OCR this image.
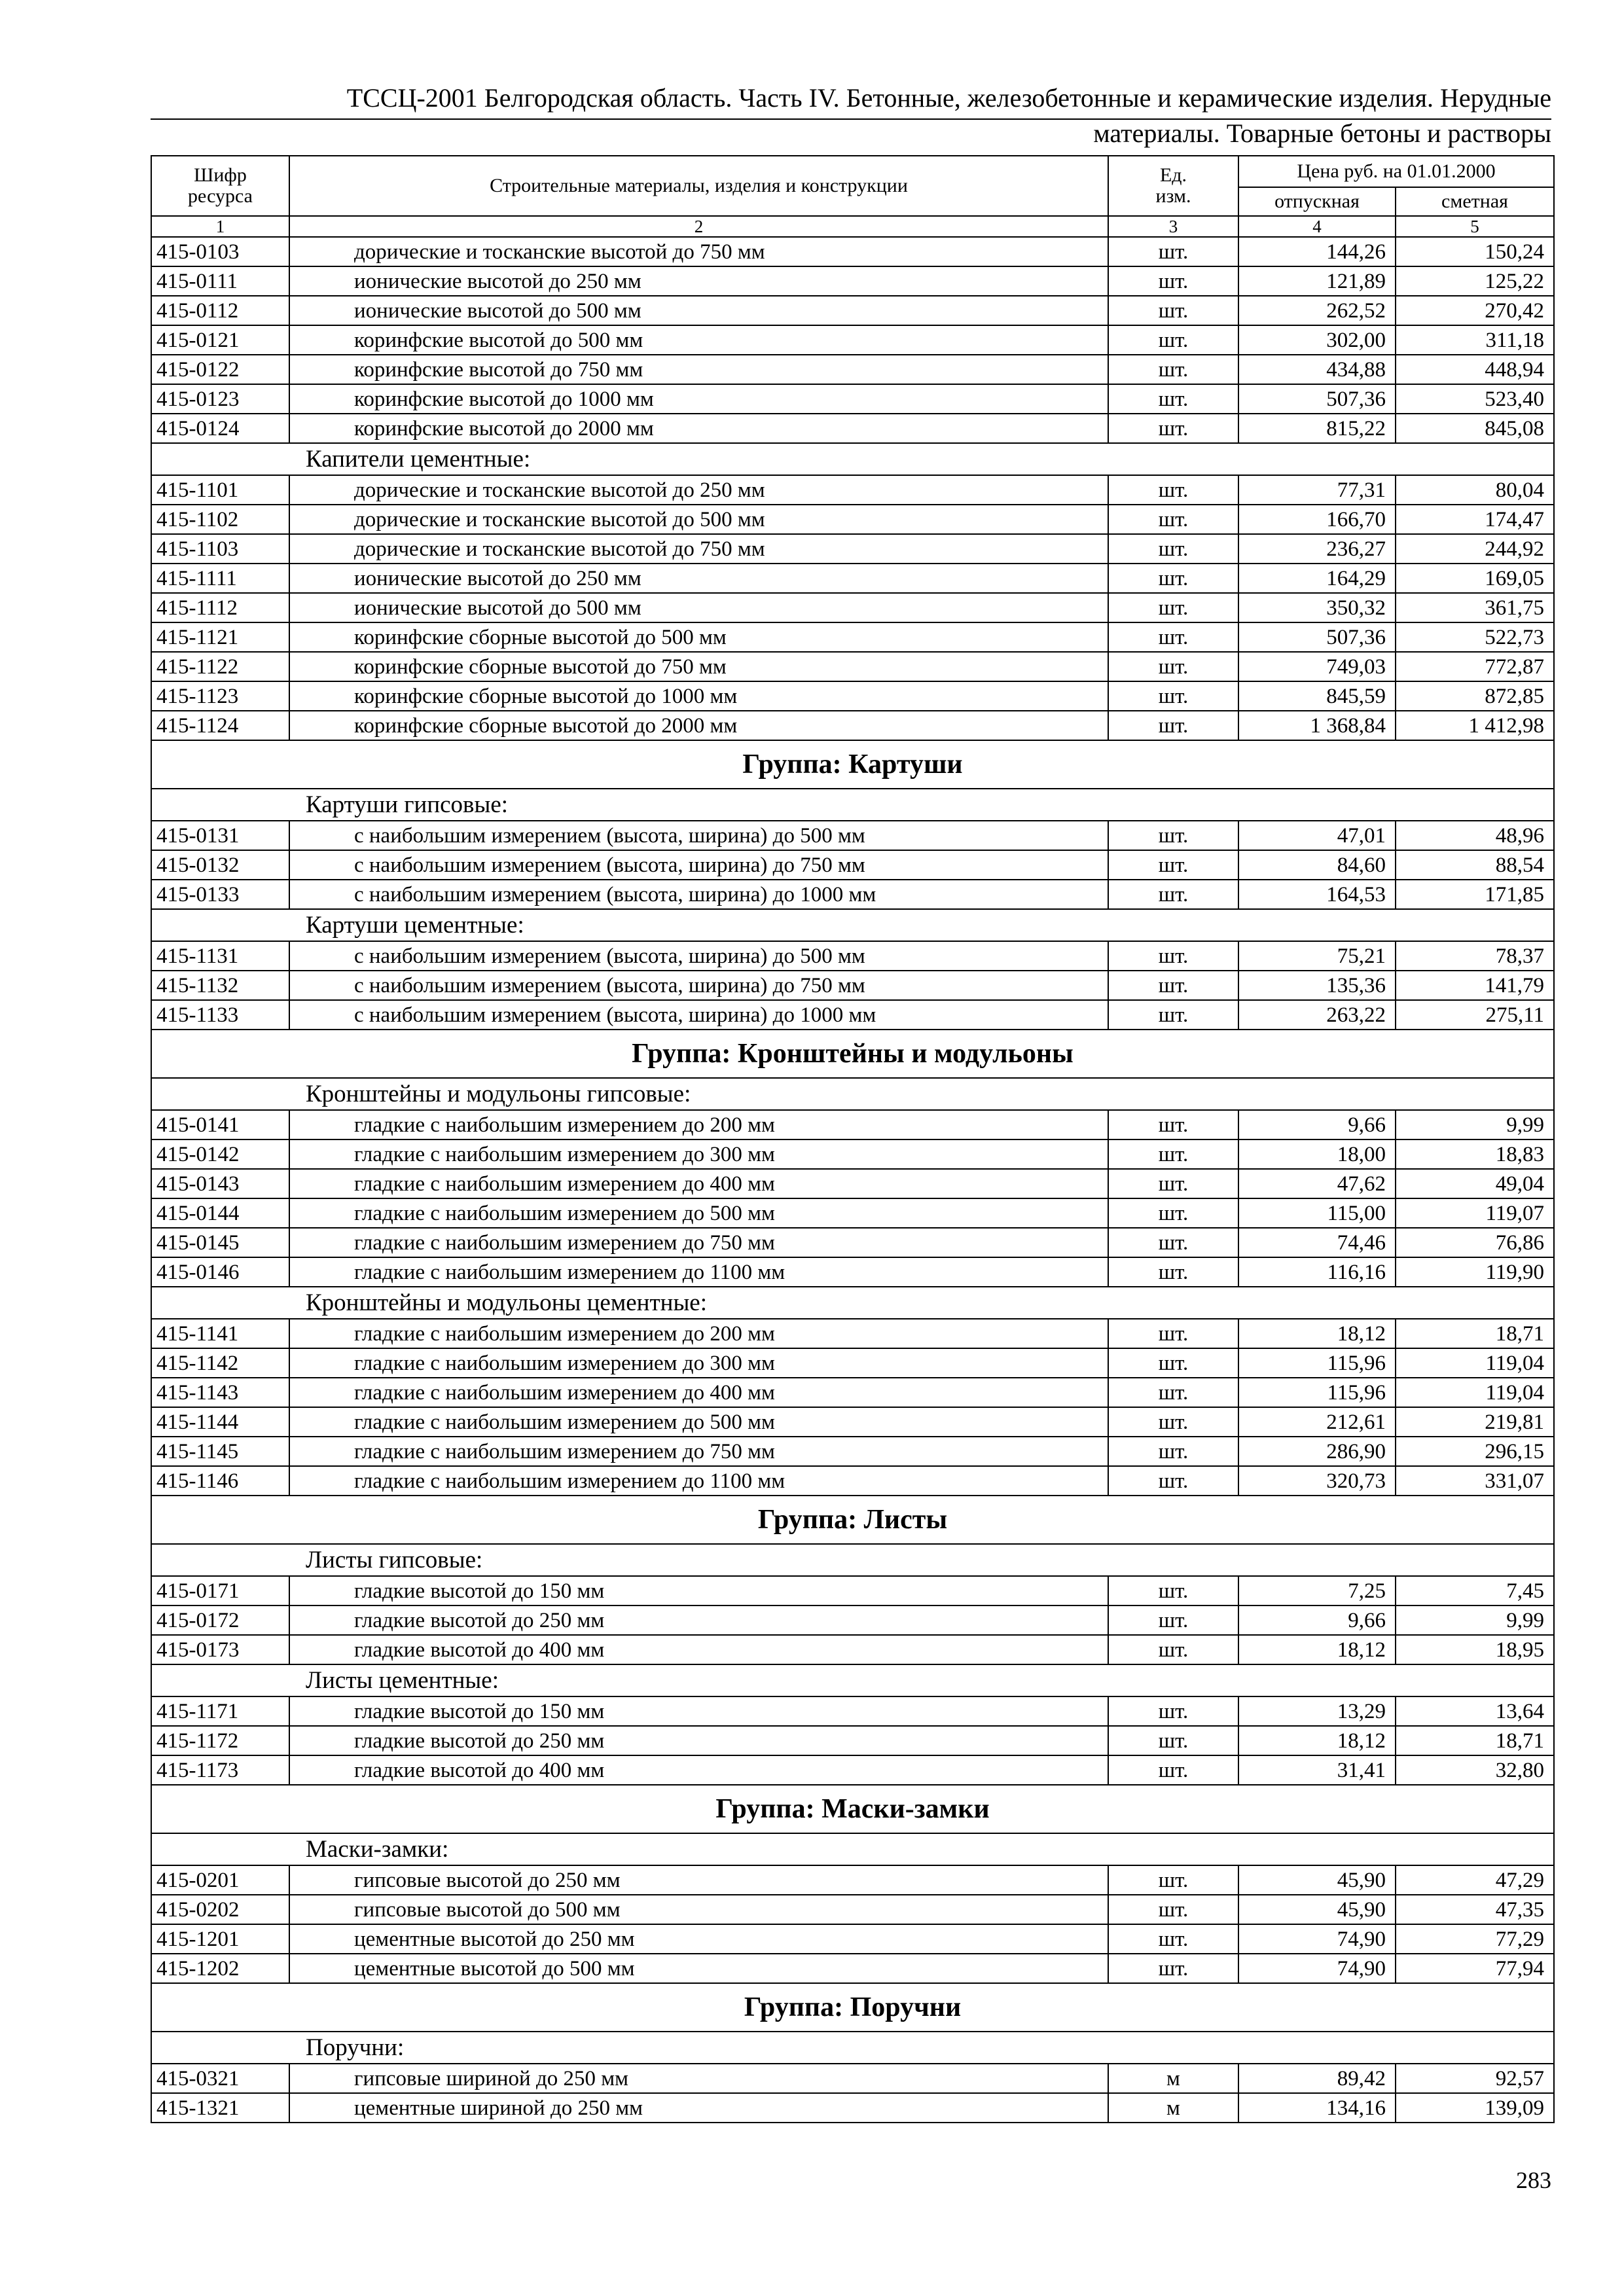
ТССЦ-2001 Белгородская область. Часть IV. Бетонные, железобетонные и керамические изделия. Нерудные
материалы. Товарные бетоны и растворы
Шифр ресурса	Строительные материалы, изделия и конструкции	Ед. изм.	Цена руб. на 01.01.2000	
			отпускная	сметная
1	2	3	4	5
415-0103	дорические и тосканские высотой до 750 мм	шт.	144,26	150,24
415-0111	ионические высотой до 250 мм	шт.	121,89	125,22
415-0112	ионические высотой до 500 мм	шт.	262,52	270,42
415-0121	коринфские высотой до 500 мм	шт.	302,00	311,18
415-0122	коринфские высотой до 750 мм	шт.	434,88	448,94
415-0123	коринфские высотой до 1000 мм	шт.	507,36	523,40
415-0124	коринфские высотой до 2000 мм	шт.	815,22	845,08
Капители цементные:				
415-1101	дорические и тосканские высотой до 250 мм	шт.	77,31	80,04
415-1102	дорические и тосканские высотой до 500 мм	шт.	166,70	174,47
415-1103	дорические и тосканские высотой до 750 мм	шт.	236,27	244,92
415-1111	ионические высотой до 250 мм	шт.	164,29	169,05
415-1112	ионические высотой до 500 мм	шт.	350,32	361,75
415-1121	коринфские сборные высотой до 500 мм	шт.	507,36	522,73
415-1122	коринфские сборные высотой до 750 мм	шт.	749,03	772,87
415-1123	коринфские сборные высотой до 1000 мм	шт.	845,59	872,85
415-1124	коринфские сборные высотой до 2000 мм	шт.	1 368,84	1 412,98
Группа: Картуши				
Картуши гипсовые:				
415-0131	с наибольшим измерением (высота, ширина) до 500 мм	шт.	47,01	48,96
415-0132	с наибольшим измерением (высота, ширина) до 750 мм	шт.	84,60	88,54
415-0133	с наибольшим измерением (высота, ширина) до 1000 мм	шт.	164,53	171,85
Картуши цементные:				
415-1131	с наибольшим измерением (высота, ширина) до 500 мм	шт.	75,21	78,37
415-1132	с наибольшим измерением (высота, ширина) до 750 мм	шт.	135,36	141,79
415-1133	с наибольшим измерением (высота, ширина) до 1000 мм	шт.	263,22	275,11
Группа: Кронштейны и модульоны				
Кронштейны и модульоны гипсовые:				
415-0141	гладкие с наибольшим измерением до 200 мм	шт.	9,66	9,99
415-0142	гладкие с наибольшим измерением до 300 мм	шт.	18,00	18,83
415-0143	гладкие с наибольшим измерением до 400 мм	шт.	47,62	49,04
415-0144	гладкие с наибольшим измерением до 500 мм	шт.	115,00	119,07
415-0145	гладкие с наибольшим измерением до 750 мм	шт.	74,46	76,86
415-0146	гладкие с наибольшим измерением до 1100 мм	шт.	116,16	119,90
Кронштейны и модульоны цементные:				
415-1141	гладкие с наибольшим измерением до 200 мм	шт.	18,12	18,71
415-1142	гладкие с наибольшим измерением до 300 мм	шт.	115,96	119,04
415-1143	гладкие с наибольшим измерением до 400 мм	шт.	115,96	119,04
415-1144	гладкие с наибольшим измерением до 500 мм	шт.	212,61	219,81
415-1145	гладкие с наибольшим измерением до 750 мм	шт.	286,90	296,15
415-1146	гладкие с наибольшим измерением до 1100 мм	шт.	320,73	331,07
Группа: Листы				
Листы гипсовые:				
415-0171	гладкие высотой до 150 мм	шт.	7,25	7,45
415-0172	гладкие высотой до 250 мм	шт.	9,66	9,99
415-0173	гладкие высотой до 400 мм	шт.	18,12	18,95
Листы цементные:				
415-1171	гладкие высотой до 150 мм	шт.	13,29	13,64
415-1172	гладкие высотой до 250 мм	шт.	18,12	18,71
415-1173	гладкие высотой до 400 мм	шт.	31,41	32,80
Группа: Маски-замки				
Маски-замки:				
415-0201	гипсовые высотой до 250 мм	шт.	45,90	47,29
415-0202	гипсовые высотой до 500 мм	шт.	45,90	47,35
415-1201	цементные высотой до 250 мм	шт.	74,90	77,29
415-1202	цементные высотой до 500 мм	шт.	74,90	77,94
Группа: Поручни				
Поручни:				
415-0321	гипсовые шириной до 250 мм	м	89,42	92,57
415-1321	цементные шириной до 250 мм	м	134,16	139,09
283
